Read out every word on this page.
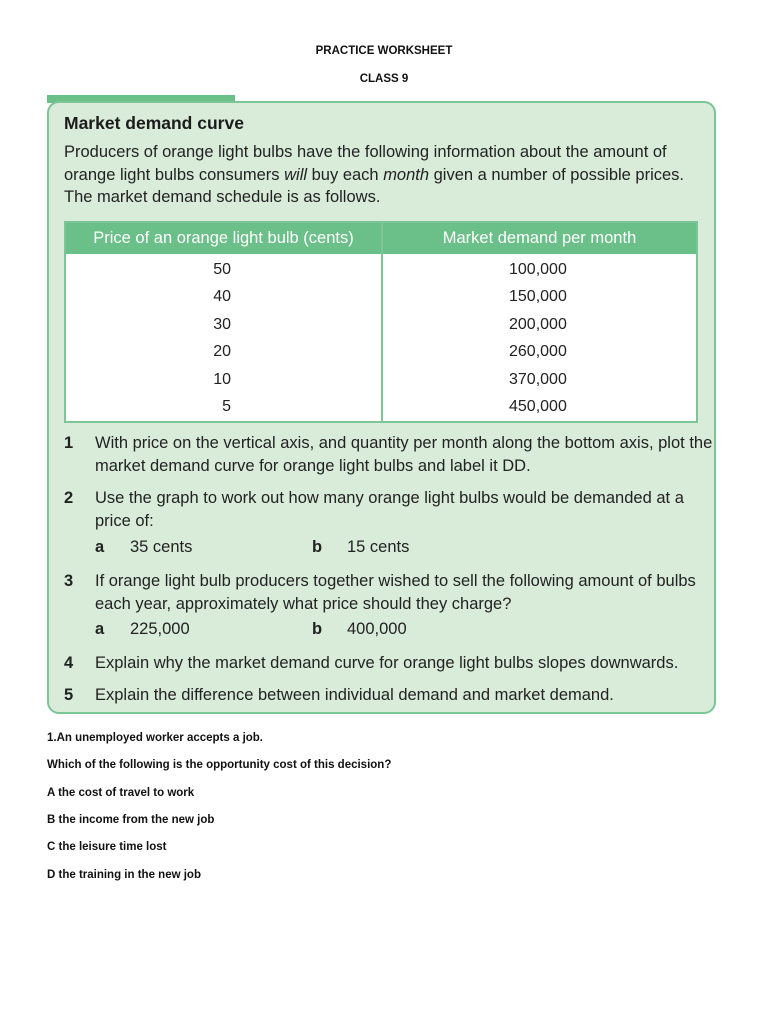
PRACTICE WORKSHEET
CLASS 9
Market demand curve
Producers of orange light bulbs have the following information about the amount of orange light bulbs consumers will buy each month given a number of possible prices. The market demand schedule is as follows.
Price of an orange light bulb (cents)	Market demand per month
50	100,000
40	150,000
30	200,000
20	260,000
10	370,000
5	450,000
1 With price on the vertical axis, and quantity per month along the bottom axis, plot the market demand curve for orange light bulbs and label it DD.
2 Use the graph to work out how many orange light bulbs would be demanded at a price of:
a 35 cents	b 15 cents
3 If orange light bulb producers together wished to sell the following amount of bulbs each year, approximately what price should they charge?
a 225,000	b 400,000
4 Explain why the market demand curve for orange light bulbs slopes downwards.
5 Explain the difference between individual demand and market demand.
1.An unemployed worker accepts a job.
Which of the following is the opportunity cost of this decision?
A the cost of travel to work
B the income from the new job
C the leisure time lost
D the training in the new job
